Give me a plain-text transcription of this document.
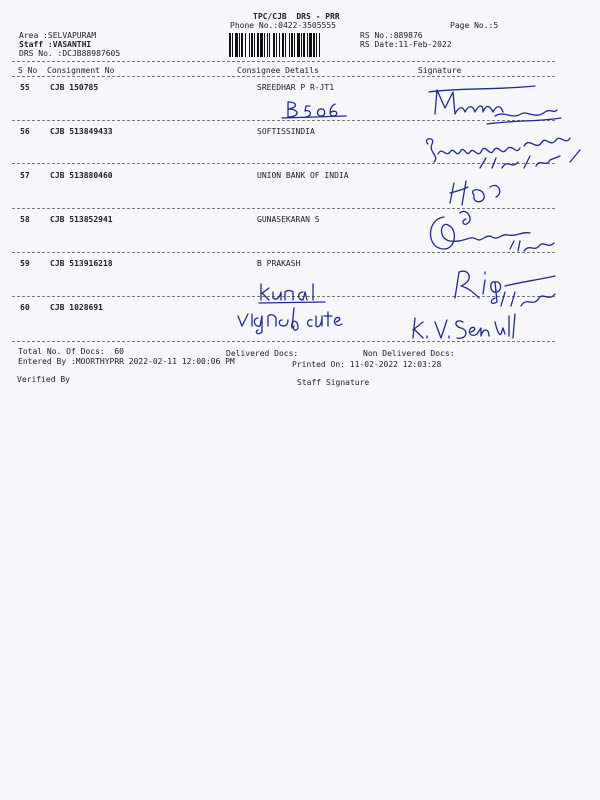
TPC/CJB  DRS - PRR
Phone No.:0422-3505555	Page No.:5
Area :SELVAPURAM
Staff :VASANTHI
DRS No. :DCJB88987605
RS No.:889876
RS Date:11-Feb-2022
S No Consignment No	Consignee Details	Signature
55	CJB 150785	SREEDHAR P R-JT1
56	CJB 513849433	SOFTISSINDIA
57	CJB 513880460	UNION BANK OF INDIA
58	CJB 513852941	GUNASEKARAN S
59	CJB 513916218	B PRAKASH
60	CJB 1028691
Total No. Of Docs:  60	Delivered Docs:	Non Delivered Docs:
Entered By :MOORTHYPRR 2022-02-11 12:00:06 PM	Printed On: 11-02-2022 12:03:28
Verified By	Staff Signature
